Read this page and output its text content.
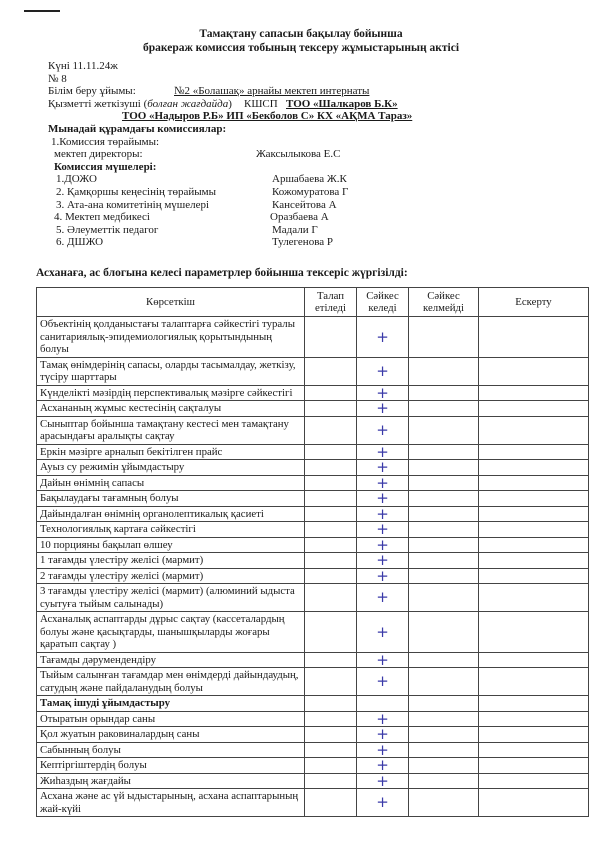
Тамақтану сапасын бақылау бойынша
бракераж комиссия тобының тексеру жұмыстарының актісі
Күні 11.11.24ж
№ 8
Білім беру ұйымы:	№2 «Болашақ» арнайы мектеп интернаты
Қызметті жеткізуші (болған жағдайда) КШСП ТОО «Шалкаров Б.К»
ТОО «Надыров Р.Б» ИП «Бекболов С» КХ «АҚМА Тараз»
Мынадай құрамдағы комиссиялар:
1.Комиссия төрайымы:
мектеп директоры:	Жаксылыкова Е.С
Комиссия мүшелері:
1.ДОЖО	Аршабаева Ж.К
2. Қамқоршы кеңесінің төрайымы	Кожомуратова Г
3. Ата-ана комитетінің мүшелері	Кансейтова А
4. Мектеп медбикесі	Оразбаева А
5. Әлеуметтік педагог	Мадали Г
6. ДШЖО	Тулегенова Р
Асханаға, ас блогына келесі параметрлер бойынша тексеріс жүргізілді:
Көрсеткіш	Талап етіледі	Сәйкес келеді	Сәйкес келмейді	Ескерту
Объектінің қолданыстағы талаптарға сәйкестігі туралы санитариялық-эпидемиологиялық қорытындының болуы		+		
Тамақ өнімдерінің сапасы, оларды тасымалдау, жеткізу, түсіру шарттары		+		
Күнделікті мәзірдің перспективалық мәзірге сәйкестігі		+		
Асхананың жұмыс кестесінің сақталуы		+		
Сыныптар бойынша тамақтану кестесі мен тамақтану арасындағы аралықты сақтау		+		
Еркін мәзірге арналып бекітілген прайс		+		
Ауыз су режимін ұйымдастыру		+		
Дайын өнімнің сапасы		+		
Бақылаудағы тағамның болуы		+		
Дайындалған өнімнің органолептикалық қасиеті		+		
Технологиялық картаға сәйкестігі		+		
10 порцияны бақылап өлшеу		+		
1 тағамды үлестіру желісі (мармит)		+		
2 тағамды үлестіру желісі (мармит)		+		
3 тағамды үлестіру желісі (мармит) (алюминий ыдыста суытуға тыйым салынады)		+		
Асханалық аспаптарды дұрыс сақтау (кассеталардың болуы және қасықтарды, шанышқыларды жоғары қаратып сақтау )		+		
Тағамды дәрумендендіру		+		
Тыйым салынған тағамдар мен өнімдерді дайындаудың, сатудың және пайдаланудың болуы		+		
Тамақ ішуді ұйымдастыру				
Отыратын орындар саны		+		
Қол жуатын раковиналардың саны		+		
Сабынның болуы		+		
Кептіргіштердің болуы		+		
Жиһаздың жағдайы		+		
Асхана және ас үй ыдыстарының, асхана аспаптарының жай-күйі		+		
